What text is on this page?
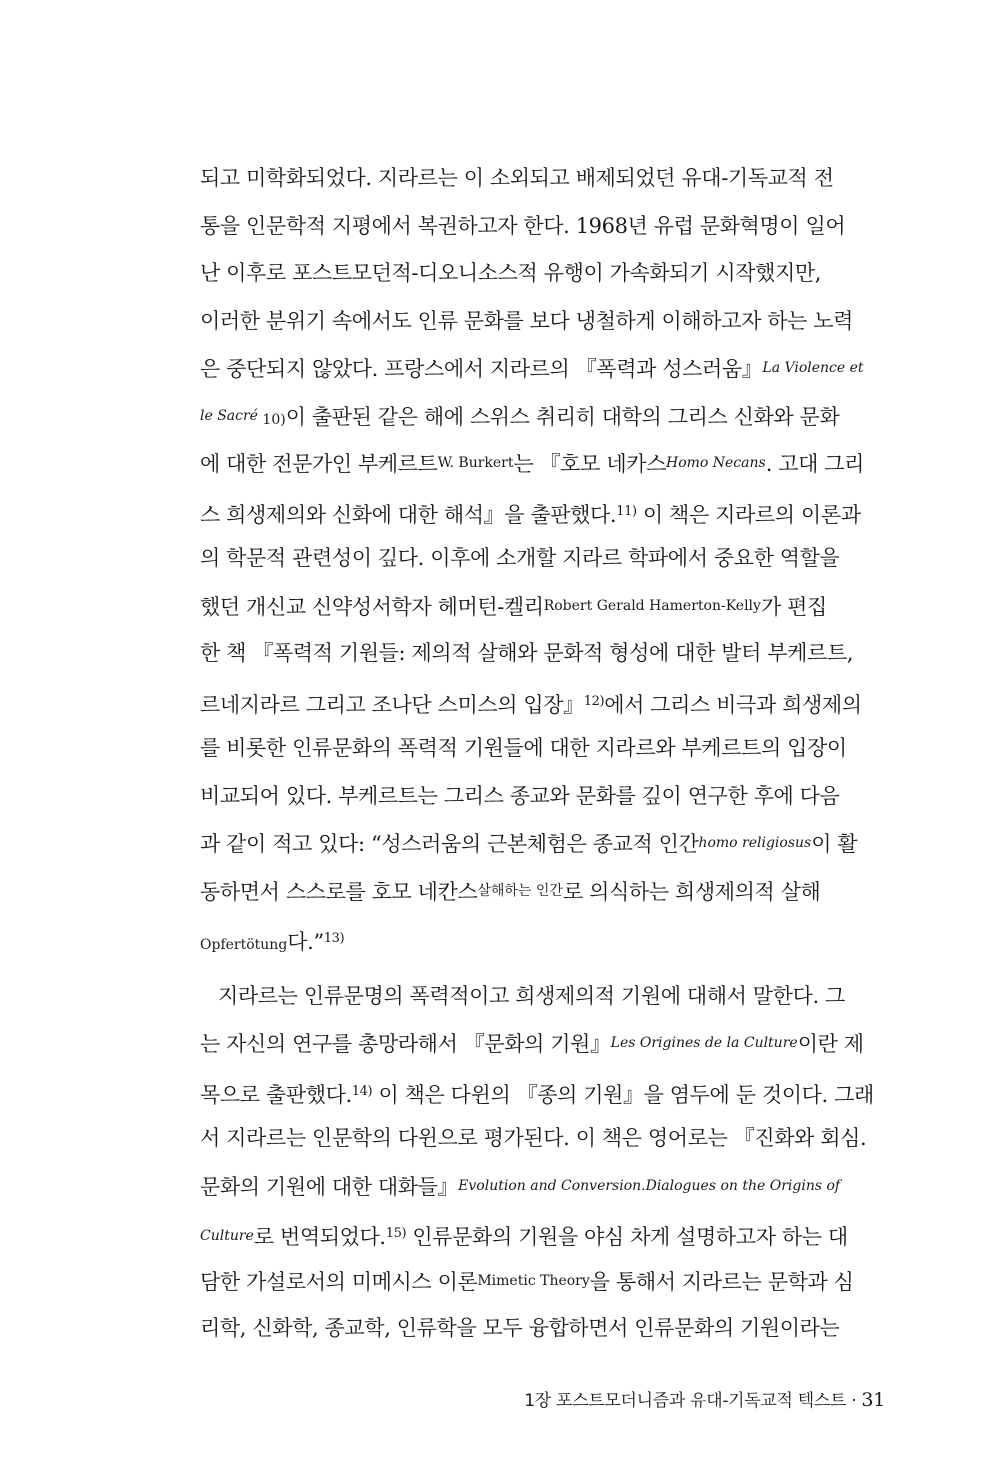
되고 미학화되었다. 지라르는 이 소외되고 배제되었던 유대-기독교적 전
통을 인문학적 지평에서 복권하고자 한다. 1968년 유럽 문화혁명이 일어
난 이후로 포스트모던적-디오니소스적 유행이 가속화되기 시작했지만,
이러한 분위기 속에서도 인류 문화를 보다 냉철하게 이해하고자 하는 노력
은 중단되지 않았다. 프랑스에서 지라르의 『폭력과 성스러움』La Violence et
le Sacré 10)이 출판된 같은 해에 스위스 취리히 대학의 그리스 신화와 문화
에 대한 전문가인 부케르트W. Burkert는 『호모 네카스Homo Necans. 고대 그리
스 희생제의와 신화에 대한 해석』을 출판했다.$^{11)}$ 이 책은 지라르의 이론과
의 학문적 관련성이 깊다. 이후에 소개할 지라르 학파에서 중요한 역할을
했던 개신교 신약성서학자 헤머턴-켈리Robert Gerald Hamerton-Kelly가 편집
한 책 『폭력적 기원들: 제의적 살해와 문화적 형성에 대한 발터 부케르트,
르네지라르 그리고 조나단 스미스의 입장』$^{12)}$에서 그리스 비극과 희생제의
를 비롯한 인류문화의 폭력적 기원들에 대한 지라르와 부케르트의 입장이
비교되어 있다. 부케르트는 그리스 종교와 문화를 깊이 연구한 후에 다음
과 같이 적고 있다: “성스러움의 근본체험은 종교적 인간homo religiosus이 활
동하면서 스스로를 호모 네칸스살해하는 인간로 의식하는 희생제의적 살해
Opfertötung다.”$^{13)}$
지라르는 인류문명의 폭력적이고 희생제의적 기원에 대해서 말한다. 그
는 자신의 연구를 총망라해서 『문화의 기원』Les Origines de la Culture이란 제
목으로 출판했다.$^{14)}$ 이 책은 다윈의 『종의 기원』을 염두에 둔 것이다. 그래
서 지라르는 인문학의 다윈으로 평가된다. 이 책은 영어로는 『진화와 회심.
문화의 기원에 대한 대화들』Evolution and Conversion.Dialogues on the Origins of
Culture로 번역되었다.$^{15)}$ 인류문화의 기원을 야심 차게 설명하고자 하는 대
담한 가설로서의 미메시스 이론Mimetic Theory을 통해서 지라르는 문학과 심
리학, 신화학, 종교학, 인류학을 모두 융합하면서 인류문화의 기원이라는
1장 포스트모더니즘과 유대-기독교적 텍스트 · 31
